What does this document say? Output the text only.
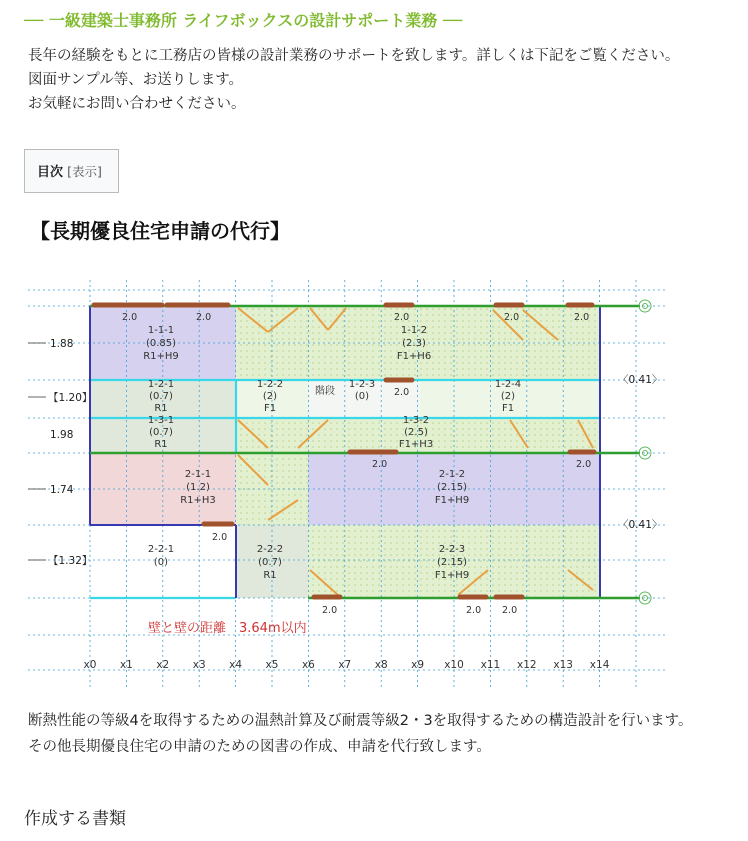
── 一級建築士事務所 ライフボックスの設計サポート業務 ──

長年の経験をもとに工務店の皆様の設計業務のサポートを致します。詳しくは下記をご覧ください。

図面サンプル等、お送りします。

お気軽にお問い合わせください。

目次 [表示]
【長期優良住宅申請の代行】
2.0	2.0	2.0	2.0	2.0
2.0
2.0	2.0
2.0
2.0	2.0 2.0
1-1-1
(0.85)
R1+H9
1-1-2
(2.3)
F1+H6
1-2-1
(0.7)
R1
1-2-2
(2)
F1
1-2-3
(0)
階段
1-2-4
(2)
F1
1-3-1
(0.7)
R1
1-3-2
(2.5)
F1+H3
2-1-1
(1.2)
R1+H3
2-1-2
(2.15)
F1+H9
2-2-1
(0)
2-2-2
(0.7)
R1
2-2-3
(2.15)
F1+H9
1.88
【1.20】
1.98
1.74
【1.32】
〈0.41〉
〈0.41〉
壁と壁の距離　3.64m以内
x0 x1 x2 x3 x4 x5 x6 x7 x8 x9 x10 x11 x12 x13 x14

断熱性能の等級4を取得するための温熱計算及び耐震等級2・3を取得するための構造設計を行います。

その他長期優良住宅の申請のための図書の作成、申請を代行致します。

作成する書類
